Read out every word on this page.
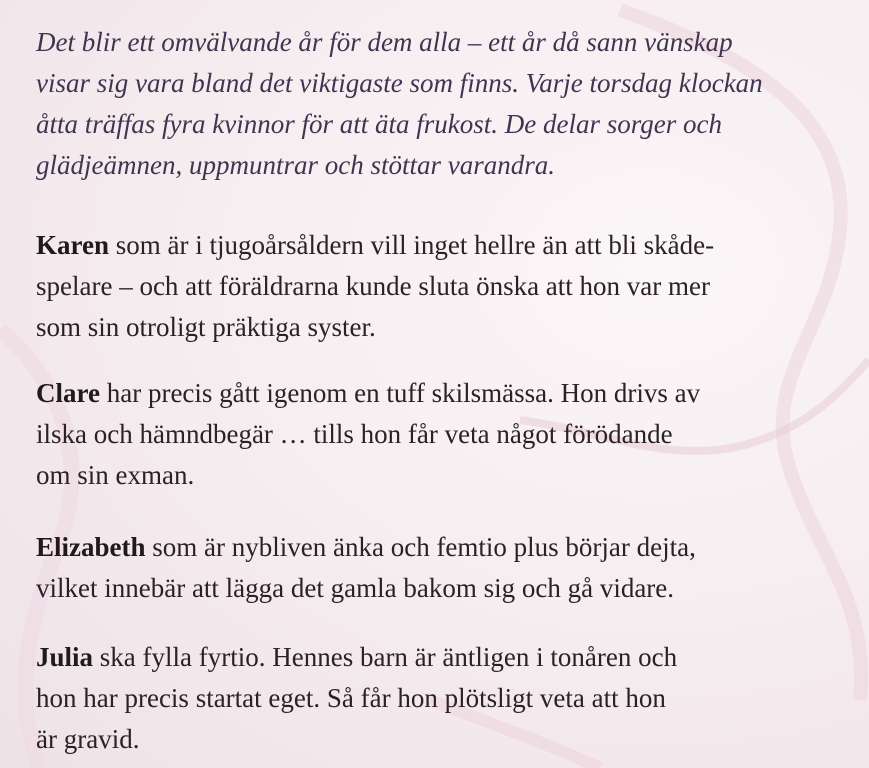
Det blir ett omvälvande år för dem alla – ett år då sann vänskap
visar sig vara bland det viktigaste som finns. Varje torsdag klockan
åtta träffas fyra kvinnor för att äta frukost. De delar sorger och
glädjeämnen, uppmuntrar och stöttar varandra.

Karen som är i tjugoårsåldern vill inget hellre än att bli skåde-
spelare – och att föräldrarna kunde sluta önska att hon var mer
som sin otroligt präktiga syster.

Clare har precis gått igenom en tuff skilsmässa. Hon drivs av
ilska och hämndbegär … tills hon får veta något förödande
om sin exman.

Elizabeth som är nybliven änka och femtio plus börjar dejta,
vilket innebär att lägga det gamla bakom sig och gå vidare.

Julia ska fylla fyrtio. Hennes barn är äntligen i tonåren och
hon har precis startat eget. Så får hon plötsligt veta att hon
är gravid.
